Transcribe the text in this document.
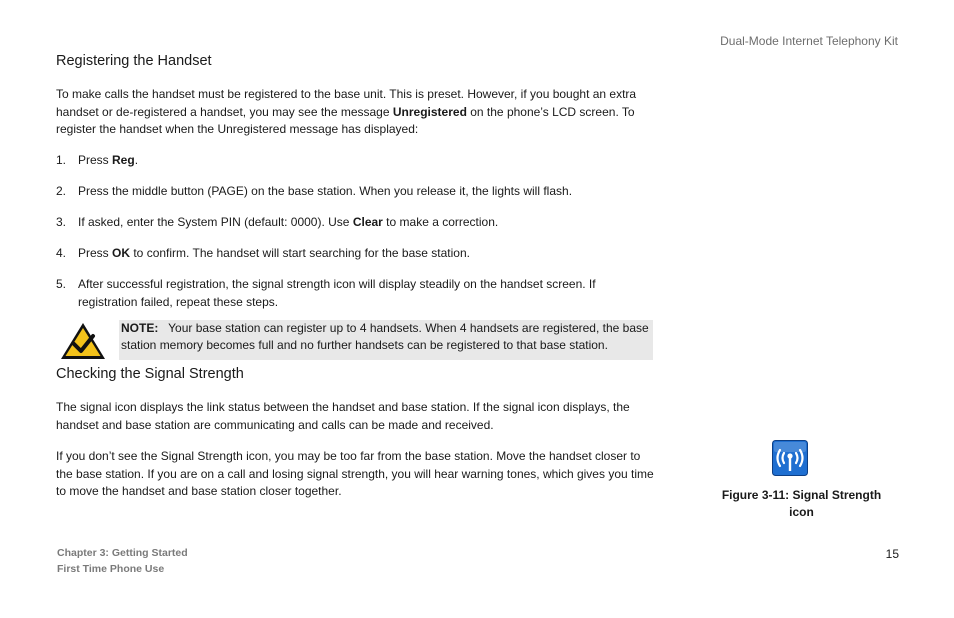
Dual-Mode Internet Telephony Kit
Registering the Handset
To make calls the handset must be registered to the base unit. This is preset. However, if you bought an extra handset or de-registered a handset, you may see the message Unregistered on the phone’s LCD screen. To register the handset when the Unregistered message has displayed:
1. Press Reg.
2. Press the middle button (PAGE) on the base station. When you release it, the lights will flash.
3. If asked, enter the System PIN (default: 0000). Use Clear to make a correction.
4. Press OK to confirm. The handset will start searching for the base station.
5. After successful registration, the signal strength icon will display steadily on the handset screen. If registration failed, repeat these steps.
NOTE: Your base station can register up to 4 handsets. When 4 handsets are registered, the base station memory becomes full and no further handsets can be registered to that base station.
Checking the Signal Strength
The signal icon displays the link status between the handset and base station. If the signal icon displays, the handset and base station are communicating and calls can be made and received.
If you don’t see the Signal Strength icon, you may be too far from the base station. Move the handset closer to the base station. If you are on a call and losing signal strength, you will hear warning tones, which gives you time to move the handset and base station closer together.	Figure 3-11: Signal Strength
icon
Chapter 3: Getting Started
First Time Phone Use
15
